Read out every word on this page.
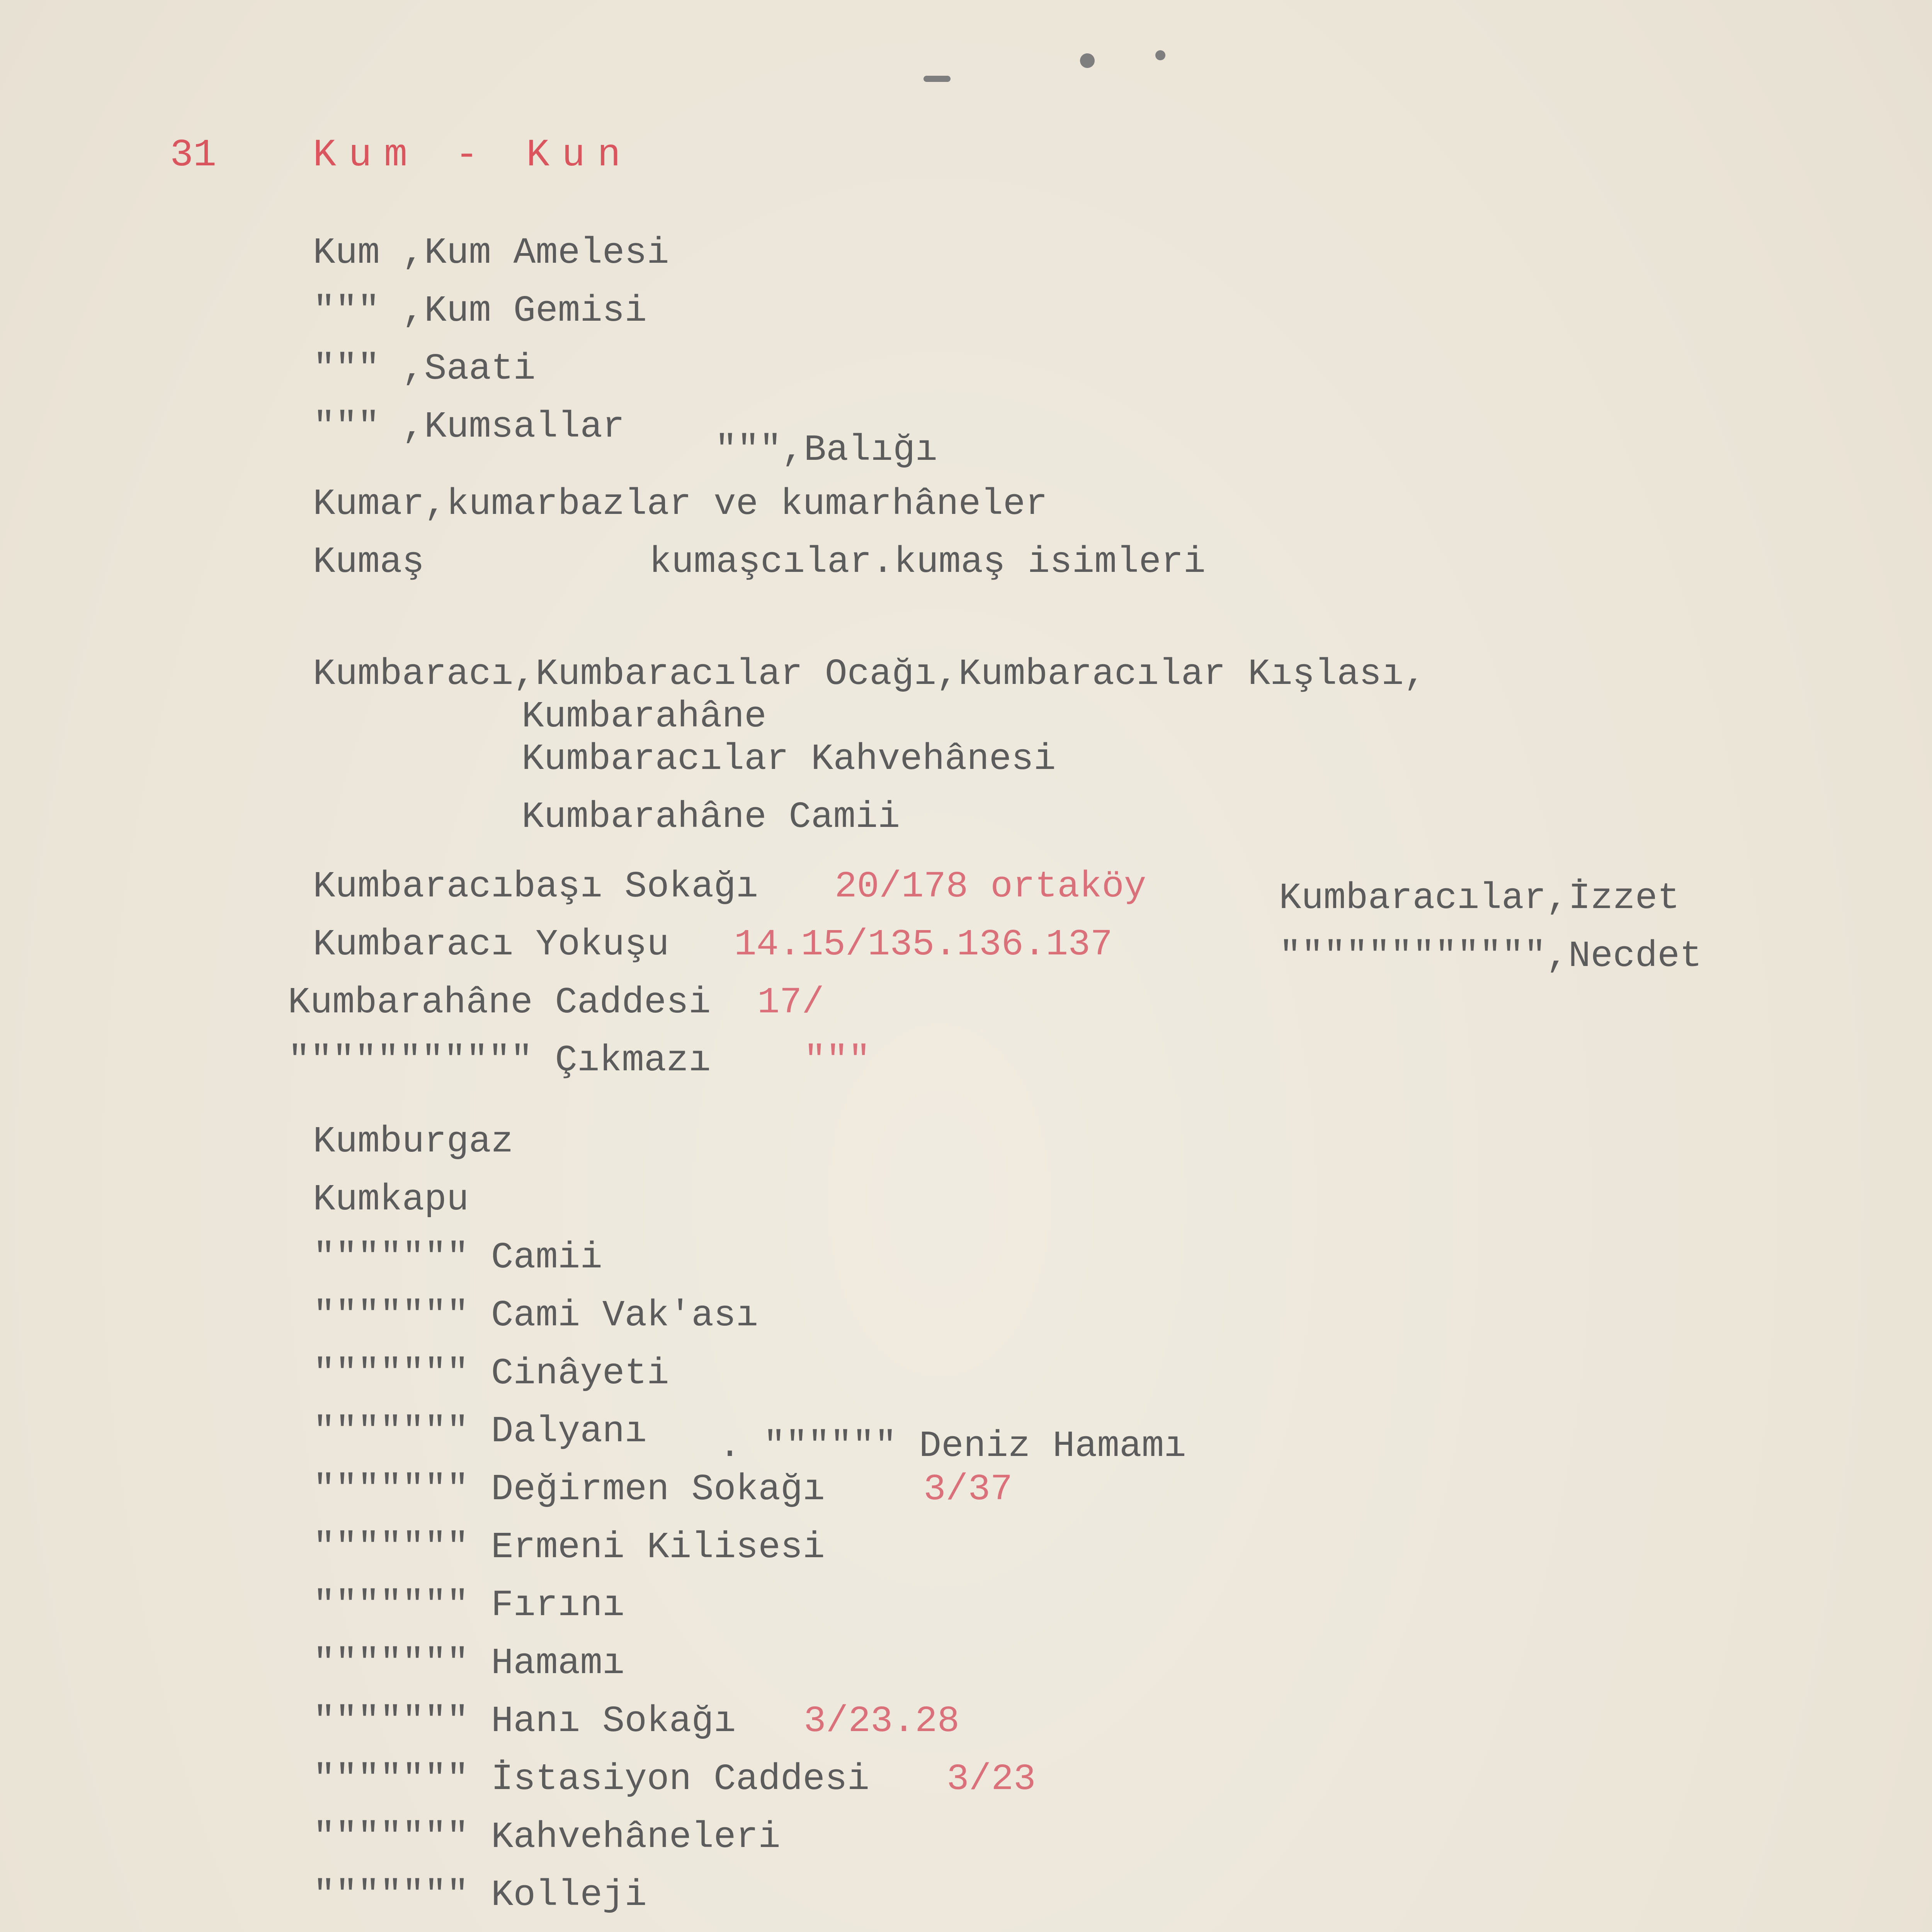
31 Kum - Kun
Kum ,Kum Amelesi
""" ,Kum Gemisi
""" ,Saati
""" ,Kumsallar
""",Balığı
Kumar,kumarbazlar ve kumarhâneler
Kumaş	kumaşcılar.kumaş isimleri
Kumbaracı,Kumbaracılar Ocağı,Kumbaracılar Kışlası,
Kumbarahâne
Kumbaracılar Kahvehânesi
Kumbarahâne Camii
Kumbaracıbaşı Sokağı 20/178 ortaköy
Kumbaracı Yokuşu 14.15/135.136.137
Kumbarahâne Caddesi 17/
""""""""""" Çıkmazı	"""
Kumburgaz
Kumkapu
""""""" Camii
""""""" Cami Vak'ası
""""""" Cinâyeti
""""""" Dalyanı . """""" Deniz Hamamı
""""""" Değirmen Sokağı	3/37
""""""" Ermeni Kilisesi
""""""" Fırını
""""""" Hamamı
""""""" Hanı Sokağı 3/23.28
""""""" İstasiyon Caddesi 3/23
""""""" Kahvehâneleri
""""""" Kolleji
Kumbaracılar,İzzet
"""""""""""",Necdet
